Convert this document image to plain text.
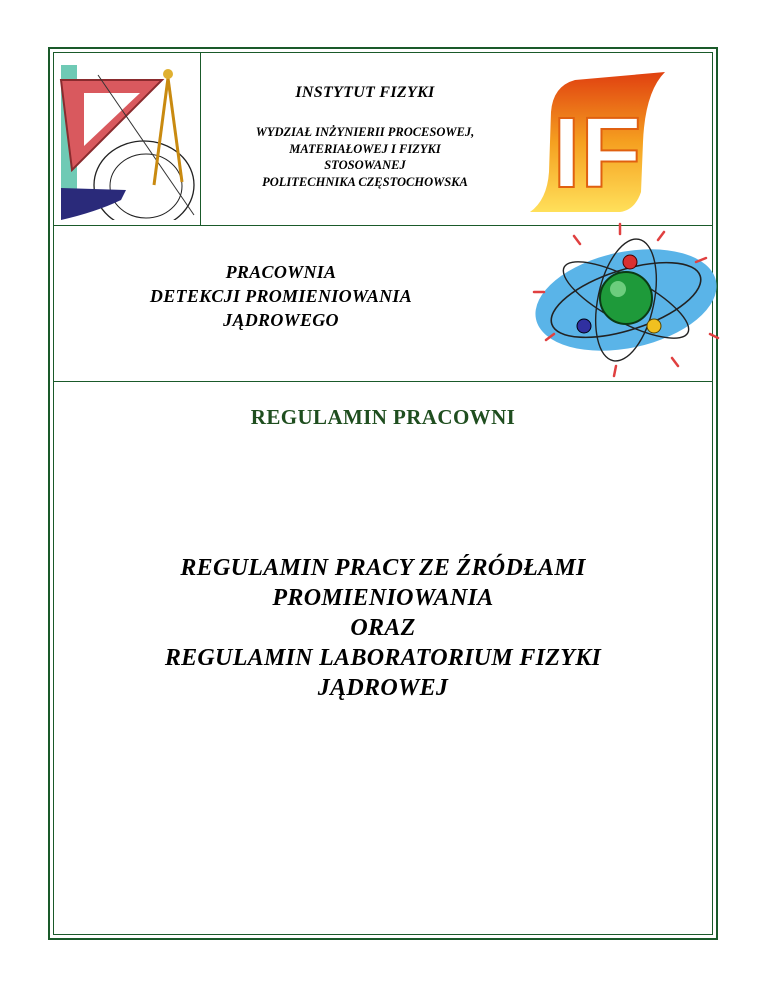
INSTYTUT FIZYKI
WYDZIAŁ INŻYNIERII PROCESOWEJ,
MATERIAŁOWEJ I FIZYKI
STOSOWANEJ
POLITECHNIKA CZĘSTOCHOWSKA IF
PRACOWNIA
DETEKCJI PROMIENIOWANIA
JĄDROWEGO
REGULAMIN PRACOWNI
REGULAMIN PRACY ZE ŹRÓDŁAMI
PROMIENIOWANIA
ORAZ
REGULAMIN LABORATORIUM FIZYKI
JĄDROWEJ
